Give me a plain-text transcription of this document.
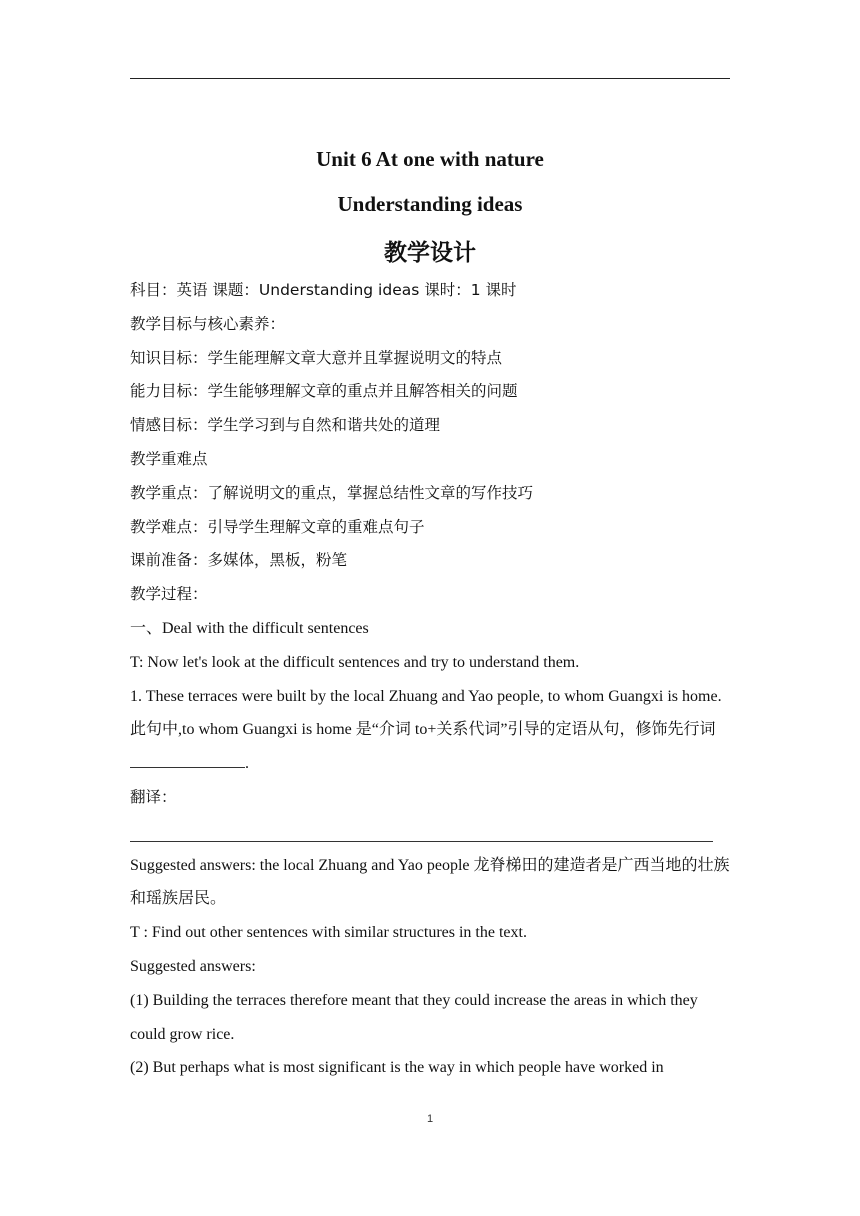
Unit 6 At one with nature
Understanding ideas
教学设计

科目：英语 课题：Understanding ideas 课时：1 课时

教学目标与核心素养：

知识目标：学生能理解文章大意并且掌握说明文的特点

能力目标：学生能够理解文章的重点并且解答相关的问题

情感目标：学生学习到与自然和谐共处的道理

教学重难点

教学重点：了解说明文的重点，掌握总结性文章的写作技巧

教学难点：引导学生理解文章的重难点句子

课前准备：多媒体，黑板，粉笔

教学过程：

一、Deal with the difficult sentences

T: Now let's look at the difficult sentences and try to understand them.

1. These terraces were built by the local Zhuang and Yao people, to whom Guangxi is home.

此句中,to whom Guangxi is home 是“介词 to+关系代词”引导的定语从句，修饰先行词.

翻译：

Suggested answers: the local Zhuang and Yao people 龙脊梯田的建造者是广西当地的壮族和瑶族居民。

T : Find out other sentences with similar structures in the text.

Suggested answers:

(1) Building the terraces therefore meant that they could increase the areas in which they could grow rice.

(2) But perhaps what is most significant is the way in which people have worked in

1
